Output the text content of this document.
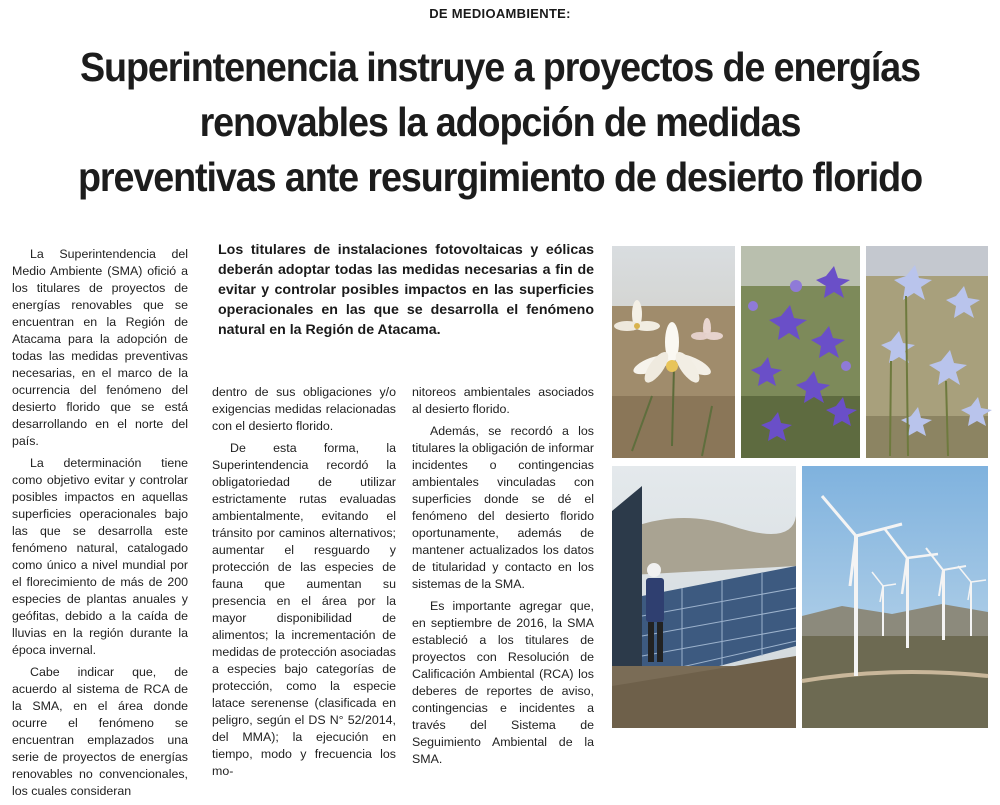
DE MEDIOAMBIENTE:
Superintenencia instruye a proyectos de energías
renovables la adopción de medidas
preventivas ante resurgimiento de desierto florido

La Superintendencia del Medio Ambiente (SMA) ofició a los titulares de proyectos de energías renovables que se encuentran en la Región de Atacama para la adopción de todas las medidas preventivas necesarias, en el marco de la ocurrencia del fenómeno del desierto florido que se está desarrollando en el norte del país.

La determinación tiene como objetivo evitar y controlar posibles impactos en aquellas superficies operacionales bajo las que se desarrolla este fenómeno natural, catalogado como único a nivel mundial por el florecimiento de más de 200 especies de plantas anuales y geófitas, debido a la caída de lluvias en la región durante la época invernal.

Cabe indicar que, de acuerdo al sistema de RCA de la SMA, en el área donde ocurre el fenómeno se encuentran emplazados una serie de proyectos de energías renovables no convencionales, los cuales consideran

Los titulares de instalaciones fotovoltaicas y eólicas deberán adoptar todas las medidas necesarias a fin de evitar y controlar posibles impactos en las superficies operacionales en las que se desarrolla el fenómeno natural en la Región de Atacama.

dentro de sus obligaciones y/o exigencias medidas relacionadas con el desierto florido.

De esta forma, la Superintendencia recordó la obligatoriedad de utilizar estrictamente rutas evaluadas ambientalmente, evitando el tránsito por caminos alternativos; aumentar el resguardo y protección de las especies de fauna que aumentan su presencia en el área por la mayor disponibilidad de alimentos; la incrementación de medidas de protección asociadas a especies bajo categorías de protección, como la especie latace serenense (clasificada en peligro, según el DS N° 52/2014, del MMA); la ejecución en tiempo, modo y frecuencia los mo-

nitoreos ambientales asociados al desierto florido.

Además, se recordó a los titulares la obligación de informar incidentes o contingencias ambientales vinculadas con superficies donde se dé el fenómeno del desierto florido oportunamente, además de mantener actualizados los datos de titularidad y contacto en los sistemas de la SMA.

Es importante agregar que, en septiembre de 2016, la SMA estableció a los titulares de proyectos con Resolución de Calificación Ambiental (RCA) los deberes de reportes de aviso, contingencias e incidentes a través del Sistema de Seguimiento Ambiental de la SMA.
